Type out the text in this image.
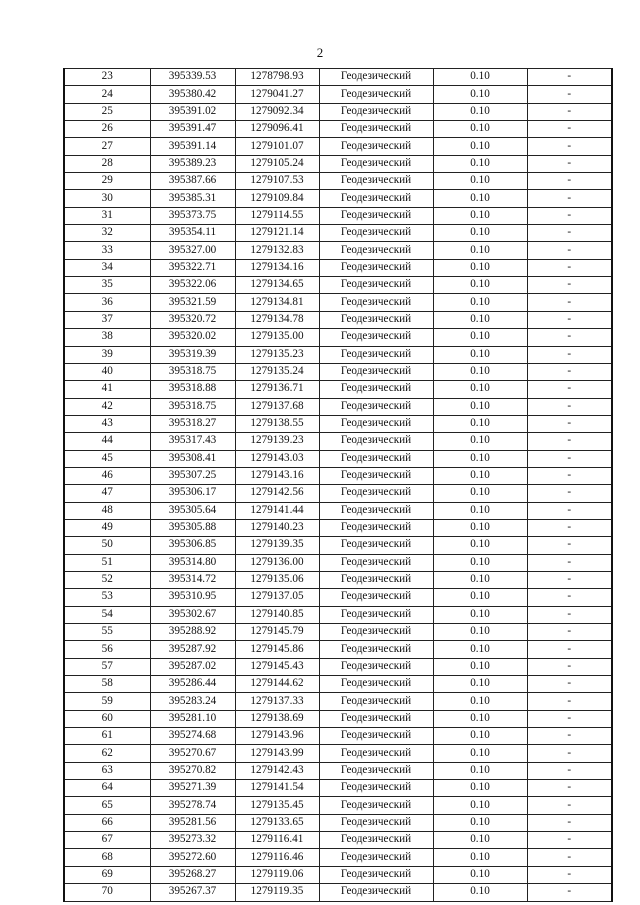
2
23	395339.53	1278798.93	Геодезический	0.10	-
24	395380.42	1279041.27	Геодезический	0.10	-
25	395391.02	1279092.34	Геодезический	0.10	-
26	395391.47	1279096.41	Геодезический	0.10	-
27	395391.14	1279101.07	Геодезический	0.10	-
28	395389.23	1279105.24	Геодезический	0.10	-
29	395387.66	1279107.53	Геодезический	0.10	-
30	395385.31	1279109.84	Геодезический	0.10	-
31	395373.75	1279114.55	Геодезический	0.10	-
32	395354.11	1279121.14	Геодезический	0.10	-
33	395327.00	1279132.83	Геодезический	0.10	-
34	395322.71	1279134.16	Геодезический	0.10	-
35	395322.06	1279134.65	Геодезический	0.10	-
36	395321.59	1279134.81	Геодезический	0.10	-
37	395320.72	1279134.78	Геодезический	0.10	-
38	395320.02	1279135.00	Геодезический	0.10	-
39	395319.39	1279135.23	Геодезический	0.10	-
40	395318.75	1279135.24	Геодезический	0.10	-
41	395318.88	1279136.71	Геодезический	0.10	-
42	395318.75	1279137.68	Геодезический	0.10	-
43	395318.27	1279138.55	Геодезический	0.10	-
44	395317.43	1279139.23	Геодезический	0.10	-
45	395308.41	1279143.03	Геодезический	0.10	-
46	395307.25	1279143.16	Геодезический	0.10	-
47	395306.17	1279142.56	Геодезический	0.10	-
48	395305.64	1279141.44	Геодезический	0.10	-
49	395305.88	1279140.23	Геодезический	0.10	-
50	395306.85	1279139.35	Геодезический	0.10	-
51	395314.80	1279136.00	Геодезический	0.10	-
52	395314.72	1279135.06	Геодезический	0.10	-
53	395310.95	1279137.05	Геодезический	0.10	-
54	395302.67	1279140.85	Геодезический	0.10	-
55	395288.92	1279145.79	Геодезический	0.10	-
56	395287.92	1279145.86	Геодезический	0.10	-
57	395287.02	1279145.43	Геодезический	0.10	-
58	395286.44	1279144.62	Геодезический	0.10	-
59	395283.24	1279137.33	Геодезический	0.10	-
60	395281.10	1279138.69	Геодезический	0.10	-
61	395274.68	1279143.96	Геодезический	0.10	-
62	395270.67	1279143.99	Геодезический	0.10	-
63	395270.82	1279142.43	Геодезический	0.10	-
64	395271.39	1279141.54	Геодезический	0.10	-
65	395278.74	1279135.45	Геодезический	0.10	-
66	395281.56	1279133.65	Геодезический	0.10	-
67	395273.32	1279116.41	Геодезический	0.10	-
68	395272.60	1279116.46	Геодезический	0.10	-
69	395268.27	1279119.06	Геодезический	0.10	-
70	395267.37	1279119.35	Геодезический	0.10	-
